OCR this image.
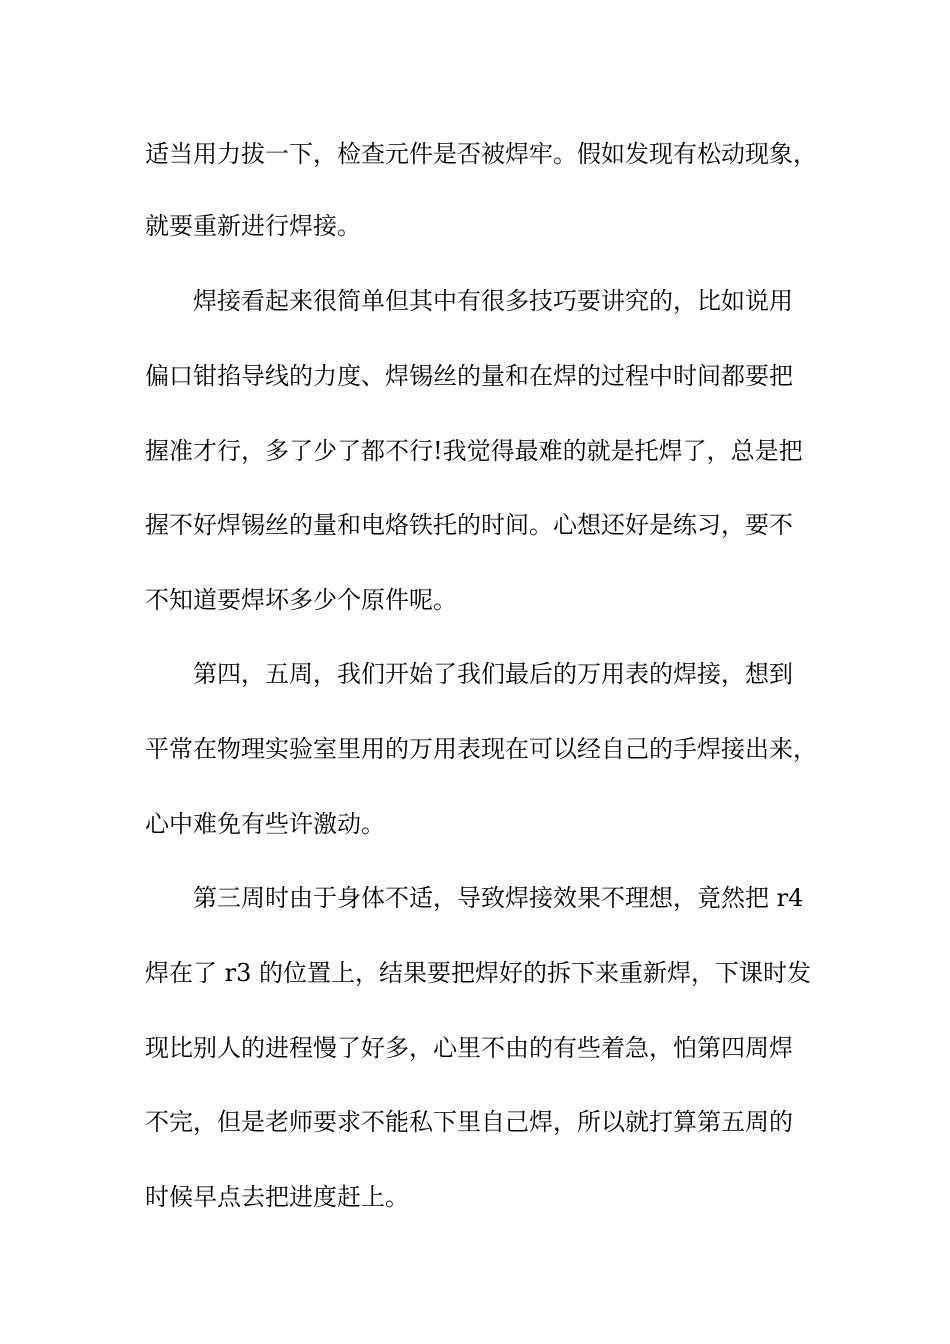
适当用力拔一下，检查元件是否被焊牢。假如发现有松动现象，
就要重新进行焊接。
焊接看起来很简单但其中有很多技巧要讲究的，比如说用
偏口钳掐导线的力度、焊锡丝的量和在焊的过程中时间都要把
握准才行，多了少了都不行!我觉得最难的就是托焊了，总是把
握不好焊锡丝的量和电烙铁托的时间。心想还好是练习，要不
不知道要焊坏多少个原件呢。
第四，五周，我们开始了我们最后的万用表的焊接，想到
平常在物理实验室里用的万用表现在可以经自己的手焊接出来，
心中难免有些许激动。
第三周时由于身体不适，导致焊接效果不理想，竟然把 r4
焊在了 r3 的位置上，结果要把焊好的拆下来重新焊，下课时发
现比别人的进程慢了好多，心里不由的有些着急，怕第四周焊
不完，但是老师要求不能私下里自己焊，所以就打算第五周的
时候早点去把进度赶上。
